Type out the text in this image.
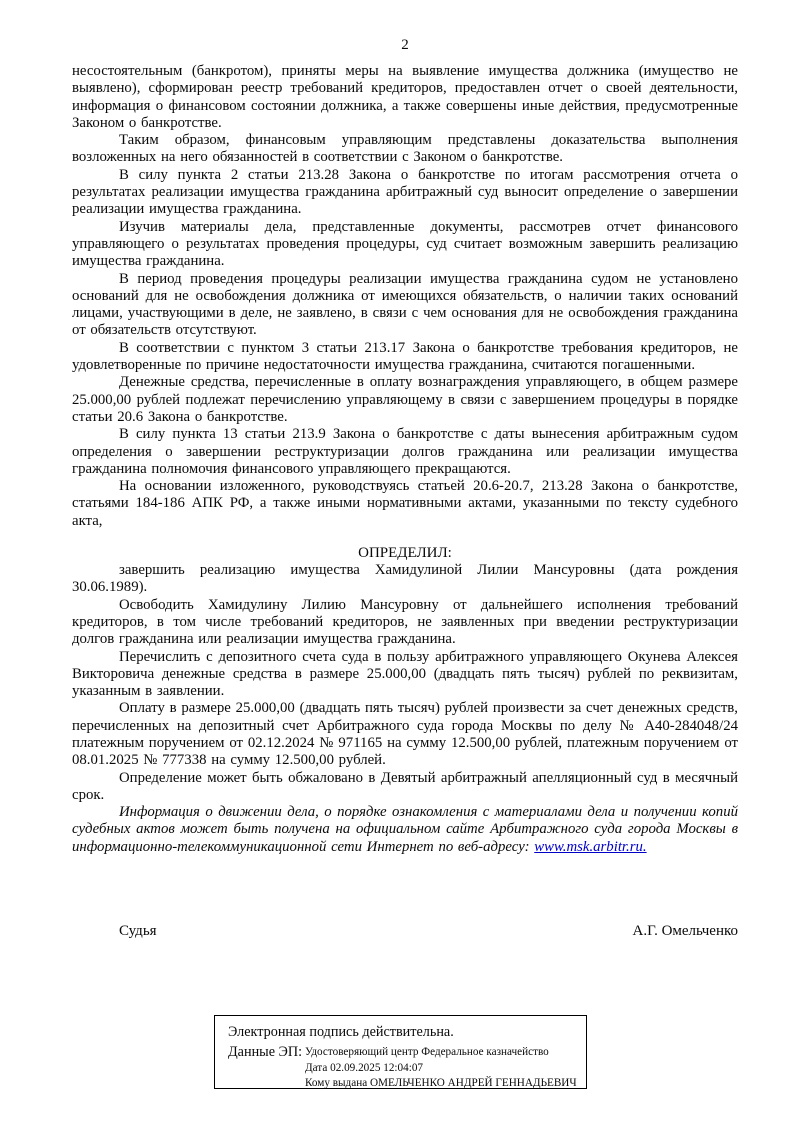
2

несостоятельным (банкротом), приняты меры на выявление имущества должника (имущество не выявлено), сформирован реестр требований кредиторов, предоставлен отчет о своей деятельности, информация о финансовом состоянии должника, а также совершены иные действия, предусмотренные Законом о банкротстве.

Таким образом, финансовым управляющим представлены доказательства выполнения возложенных на него обязанностей в соответствии с Законом о банкротстве.

В силу пункта 2 статьи 213.28 Закона о банкротстве по итогам рассмотрения отчета о результатах реализации имущества гражданина арбитражный суд выносит определение о завершении реализации имущества гражданина.

Изучив материалы дела, представленные документы, рассмотрев отчет финансового управляющего о результатах проведения процедуры, суд считает возможным завершить реализацию имущества гражданина.

В период проведения процедуры реализации имущества гражданина судом не установлено оснований для не освобождения должника от имеющихся обязательств, о наличии таких оснований лицами, участвующими в деле, не заявлено, в связи с чем основания для не освобождения гражданина от обязательств отсутствуют.

В соответствии с пунктом 3 статьи 213.17 Закона о банкротстве требования кредиторов, не удовлетворенные по причине недостаточности имущества гражданина, считаются погашенными.

Денежные средства, перечисленные в оплату вознаграждения управляющего, в общем размере 25.000,00 рублей подлежат перечислению управляющему в связи с завершением процедуры в порядке статьи 20.6 Закона о банкротстве.

В силу пункта 13 статьи 213.9 Закона о банкротстве с даты вынесения арбитражным судом определения о завершении реструктуризации долгов гражданина или реализации имущества гражданина полномочия финансового управляющего прекращаются.

На основании изложенного, руководствуясь статьей 20.6-20.7, 213.28 Закона о банкротстве, статьями 184-186 АПК РФ, а также иными нормативными актами, указанными по тексту судебного акта,

ОПРЕДЕЛИЛ:

завершить реализацию имущества Хамидулиной Лилии Мансуровны (дата рождения 30.06.1989).

Освободить Хамидулину Лилию Мансуровну от дальнейшего исполнения требований кредиторов, в том числе требований кредиторов, не заявленных при введении реструктуризации долгов гражданина или реализации имущества гражданина.

Перечислить с депозитного счета суда в пользу арбитражного управляющего Окунева Алексея Викторовича денежные средства в размере 25.000,00 (двадцать пять тысяч) рублей по реквизитам, указанным в заявлении.

Оплату в размере 25.000,00 (двадцать пять тысяч) рублей произвести за счет денежных средств, перечисленных на депозитный счет Арбитражного суда города Москвы по делу № А40-284048/24 платежным поручением от 02.12.2024 № 971165 на сумму 12.500,00 рублей, платежным поручением от 08.01.2025 № 777338 на сумму 12.500,00 рублей.

Определение может быть обжаловано в Девятый арбитражный апелляционный суд в месячный срок.

Информация о движении дела, о порядке ознакомления с материалами дела и получении копий судебных актов может быть получена на официальном сайте Арбитражного суда города Москвы в информационно-телекоммуникационной сети Интернет по веб-адресу: www.msk.arbitr.ru.

Судья	А.Г. Омельченко
Электронная подпись действительна.
Данные ЭП: Удостоверяющий центр Федеральное казначейство
Дата 02.09.2025 12:04:07
Кому выдана ОМЕЛЬЧЕНКО АНДРЕЙ ГЕННАДЬЕВИЧ
